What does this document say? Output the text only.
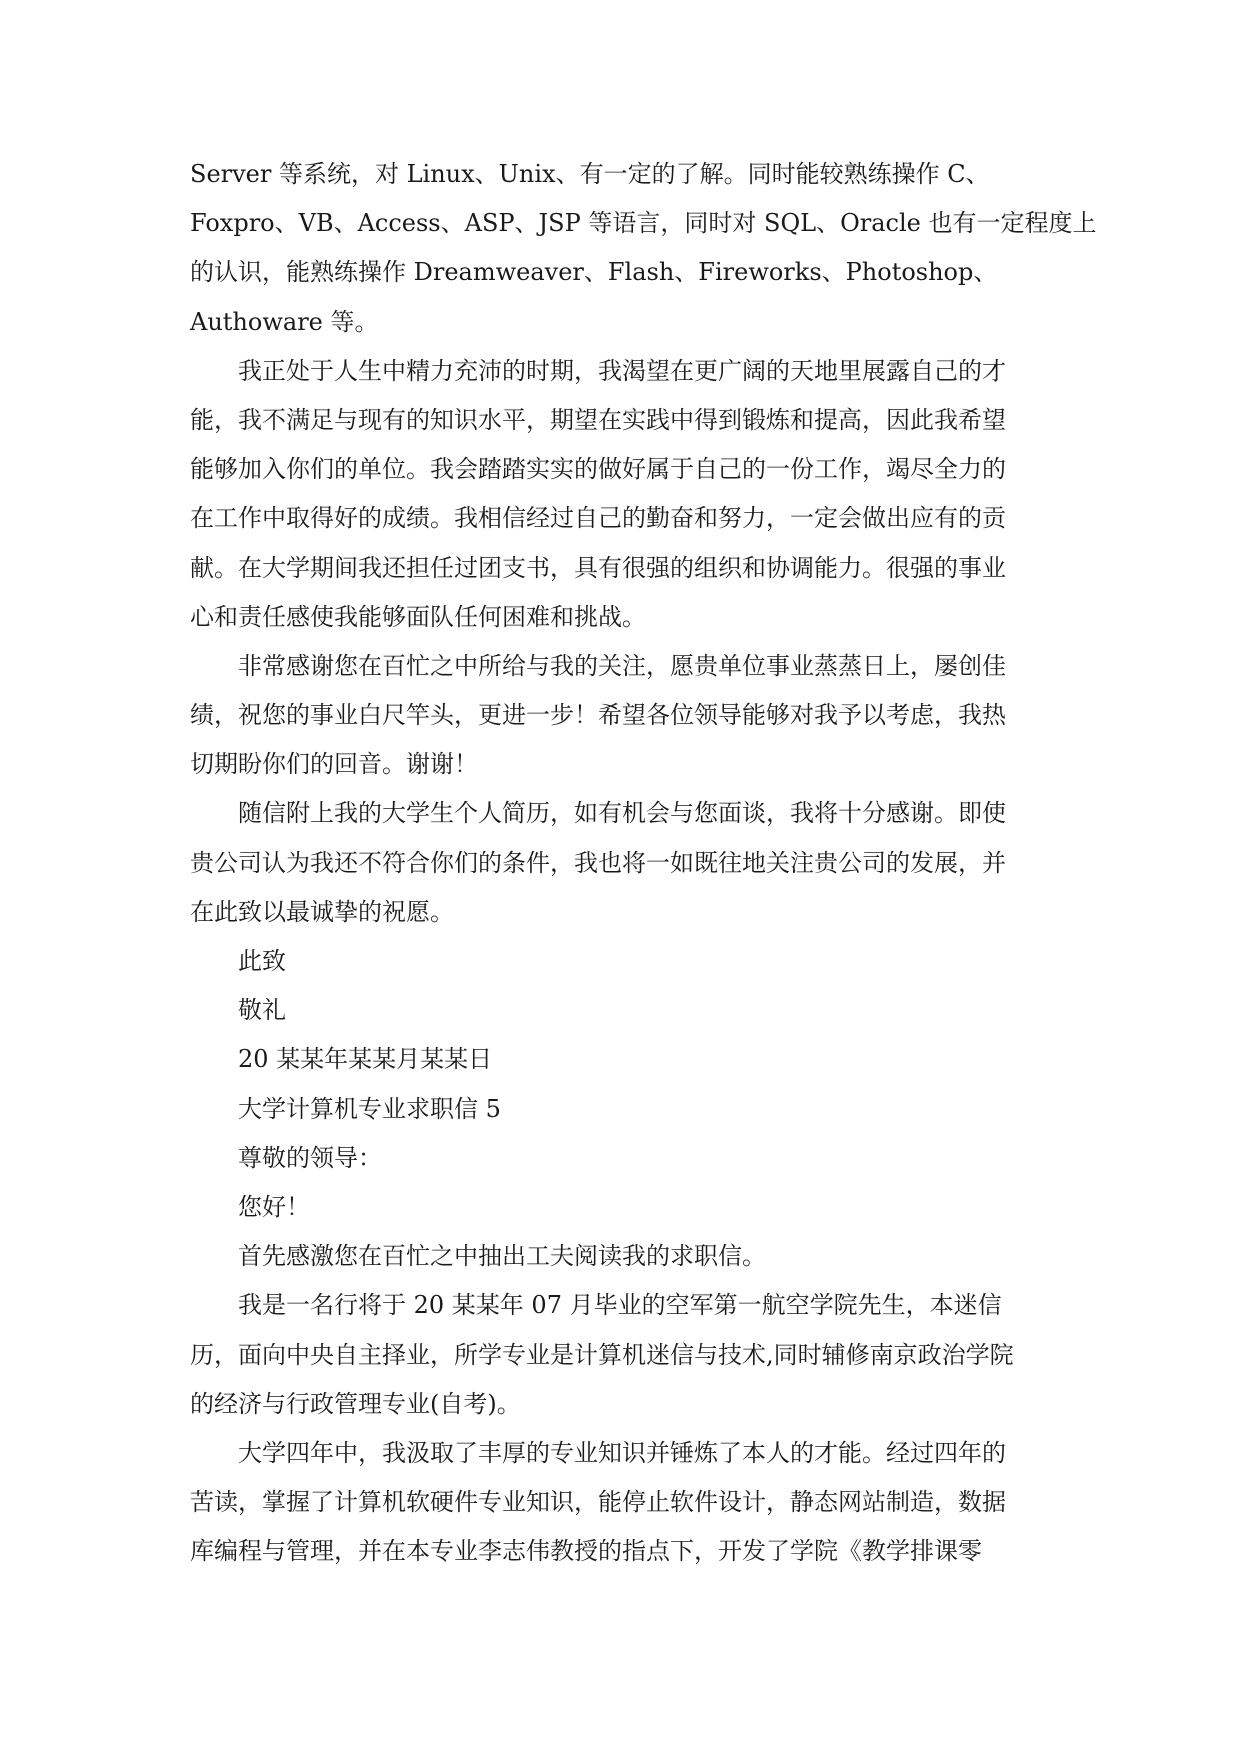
Server 等系统，对 Linux、Unix、有一定的了解。同时能较熟练操作 C、
Foxpro、VB、Access、ASP、JSP 等语言，同时对 SQL、Oracle 也有一定程度上
的认识，能熟练操作 Dreamweaver、Flash、Fireworks、Photoshop、
Authoware 等。
我正处于人生中精力充沛的时期，我渴望在更广阔的天地里展露自己的才
能，我不满足与现有的知识水平，期望在实践中得到锻炼和提高，因此我希望
能够加入你们的单位。我会踏踏实实的做好属于自己的一份工作，竭尽全力的
在工作中取得好的成绩。我相信经过自己的勤奋和努力，一定会做出应有的贡
献。在大学期间我还担任过团支书，具有很强的组织和协调能力。很强的事业
心和责任感使我能够面队任何困难和挑战。
非常感谢您在百忙之中所给与我的关注，愿贵单位事业蒸蒸日上，屡创佳
绩，祝您的事业白尺竿头，更进一步！希望各位领导能够对我予以考虑，我热
切期盼你们的回音。谢谢！
随信附上我的大学生个人简历，如有机会与您面谈，我将十分感谢。即使
贵公司认为我还不符合你们的条件，我也将一如既往地关注贵公司的发展，并
在此致以最诚挚的祝愿。
此致
敬礼
20 某某年某某月某某日
大学计算机专业求职信 5
尊敬的领导：
您好！
首先感激您在百忙之中抽出工夫阅读我的求职信。
我是一名行将于 20 某某年 07 月毕业的空军第一航空学院先生，本迷信
历，面向中央自主择业，所学专业是计算机迷信与技术,同时辅修南京政治学院
的经济与行政管理专业(自考)。
大学四年中，我汲取了丰厚的专业知识并锤炼了本人的才能。经过四年的
苦读，掌握了计算机软硬件专业知识，能停止软件设计，静态网站制造，数据
库编程与管理，并在本专业李志伟教授的指点下，开发了学院《教学排课零
